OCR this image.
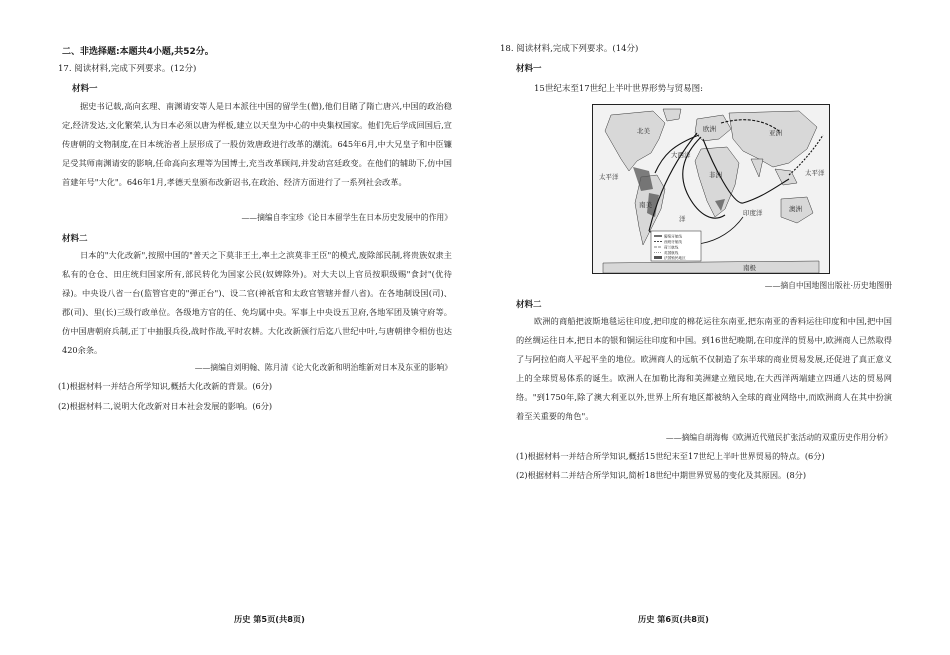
二、非选择题:本题共4小题,共52分。
17. 阅读材料,完成下列要求。(12分)
材料一

据史书记载,高向玄理、南渊请安等人是日本派往中国的留学生(僧),他们目睹了隋亡唐兴,中国的政治稳定,经济发达,文化繁荣,认为日本必须以唐为样板,建立以天皇为中心的中央集权国家。他们先后学成回国后,宣传唐朝的文物制度,在日本统治者上层形成了一股仿效唐政进行改革的潮流。645年6月,中大兄皇子和中臣镰足受其师南渊请安的影响,任命高向玄理等为国博士,充当改革顾问,并发动宫廷政变。在他们的辅助下,仿中国首建年号"大化"。646年1月,孝德天皇颁布改新诏书,在政治、经济方面进行了一系列社会改革。

——摘编自李宝珍《论日本留学生在日本历史发展中的作用》
材料二

日本的"大化改新",按照中国的"普天之下莫非王土,率土之滨莫非王臣"的模式,废除部民制,将贵族奴隶主私有的仓仓、田庄统归国家所有,部民转化为国家公民(奴婢除外)。对大夫以上官员按职级赐"食封"(优待禄)。中央设八省一台(监管官吏的"弹正台")、设二官(神祇官和太政官管辖并督八省)。在各地制设国(司)、郡(司)、里(长)三级行政单位。各级地方官的任、免均属中央。军事上中央设五卫府,各地军团及镇守府等。仿中国唐朝府兵制,正丁中抽服兵役,战时作战,平时农耕。大化改新颁行后迄八世纪中叶,与唐朝律令相仿也达420余条。

——摘编自刘明翰、陈月清《论大化改新和明治维新对日本及东亚的影响》
(1)根据材料一并结合所学知识,概括大化改新的背景。(6分)
(2)根据材料二,说明大化改新对日本社会发展的影响。(6分)
历史 第5页(共8页)
18. 阅读材料,完成下列要求。(14分)
材料一
15世纪末至17世纪上半叶世界形势与贸易图:
北美
南美
欧洲	亚洲
非洲
太平洋
大西洋
洋
印度洋
太平洋
澳洲
南极
葡萄牙航线
西班牙航线
荷兰航线
英国航线
法国殖民地区
——摘自中国地图出版社·历史地图册
材料二

欧洲的商船把波斯地毯运往印度,把印度的棉花运往东南亚,把东南亚的香料运往印度和中国,把中国的丝绸运往日本,把日本的银和铜运往印度和中国。到16世纪晚期,在印度洋的贸易中,欧洲商人已然取得了与阿拉伯商人平起平坐的地位。欧洲商人的远航不仅制造了东半球的商业贸易发展,还促进了真正意义上的全球贸易体系的诞生。欧洲人在加勒比海和美洲建立殖民地,在大西洋两端建立四通八达的贸易网络。"到1750年,除了澳大利亚以外,世界上所有地区都被纳入全球的商业网络中,而欧洲商人在其中扮演着至关重要的角色"。

——摘编自胡海梅《欧洲近代殖民扩张活动的双重历史作用分析》
(1)根据材料一并结合所学知识,概括15世纪末至17世纪上半叶世界贸易的特点。(6分)
(2)根据材料二并结合所学知识,简析18世纪中期世界贸易的变化及其原因。(8分)
历史 第6页(共8页)
